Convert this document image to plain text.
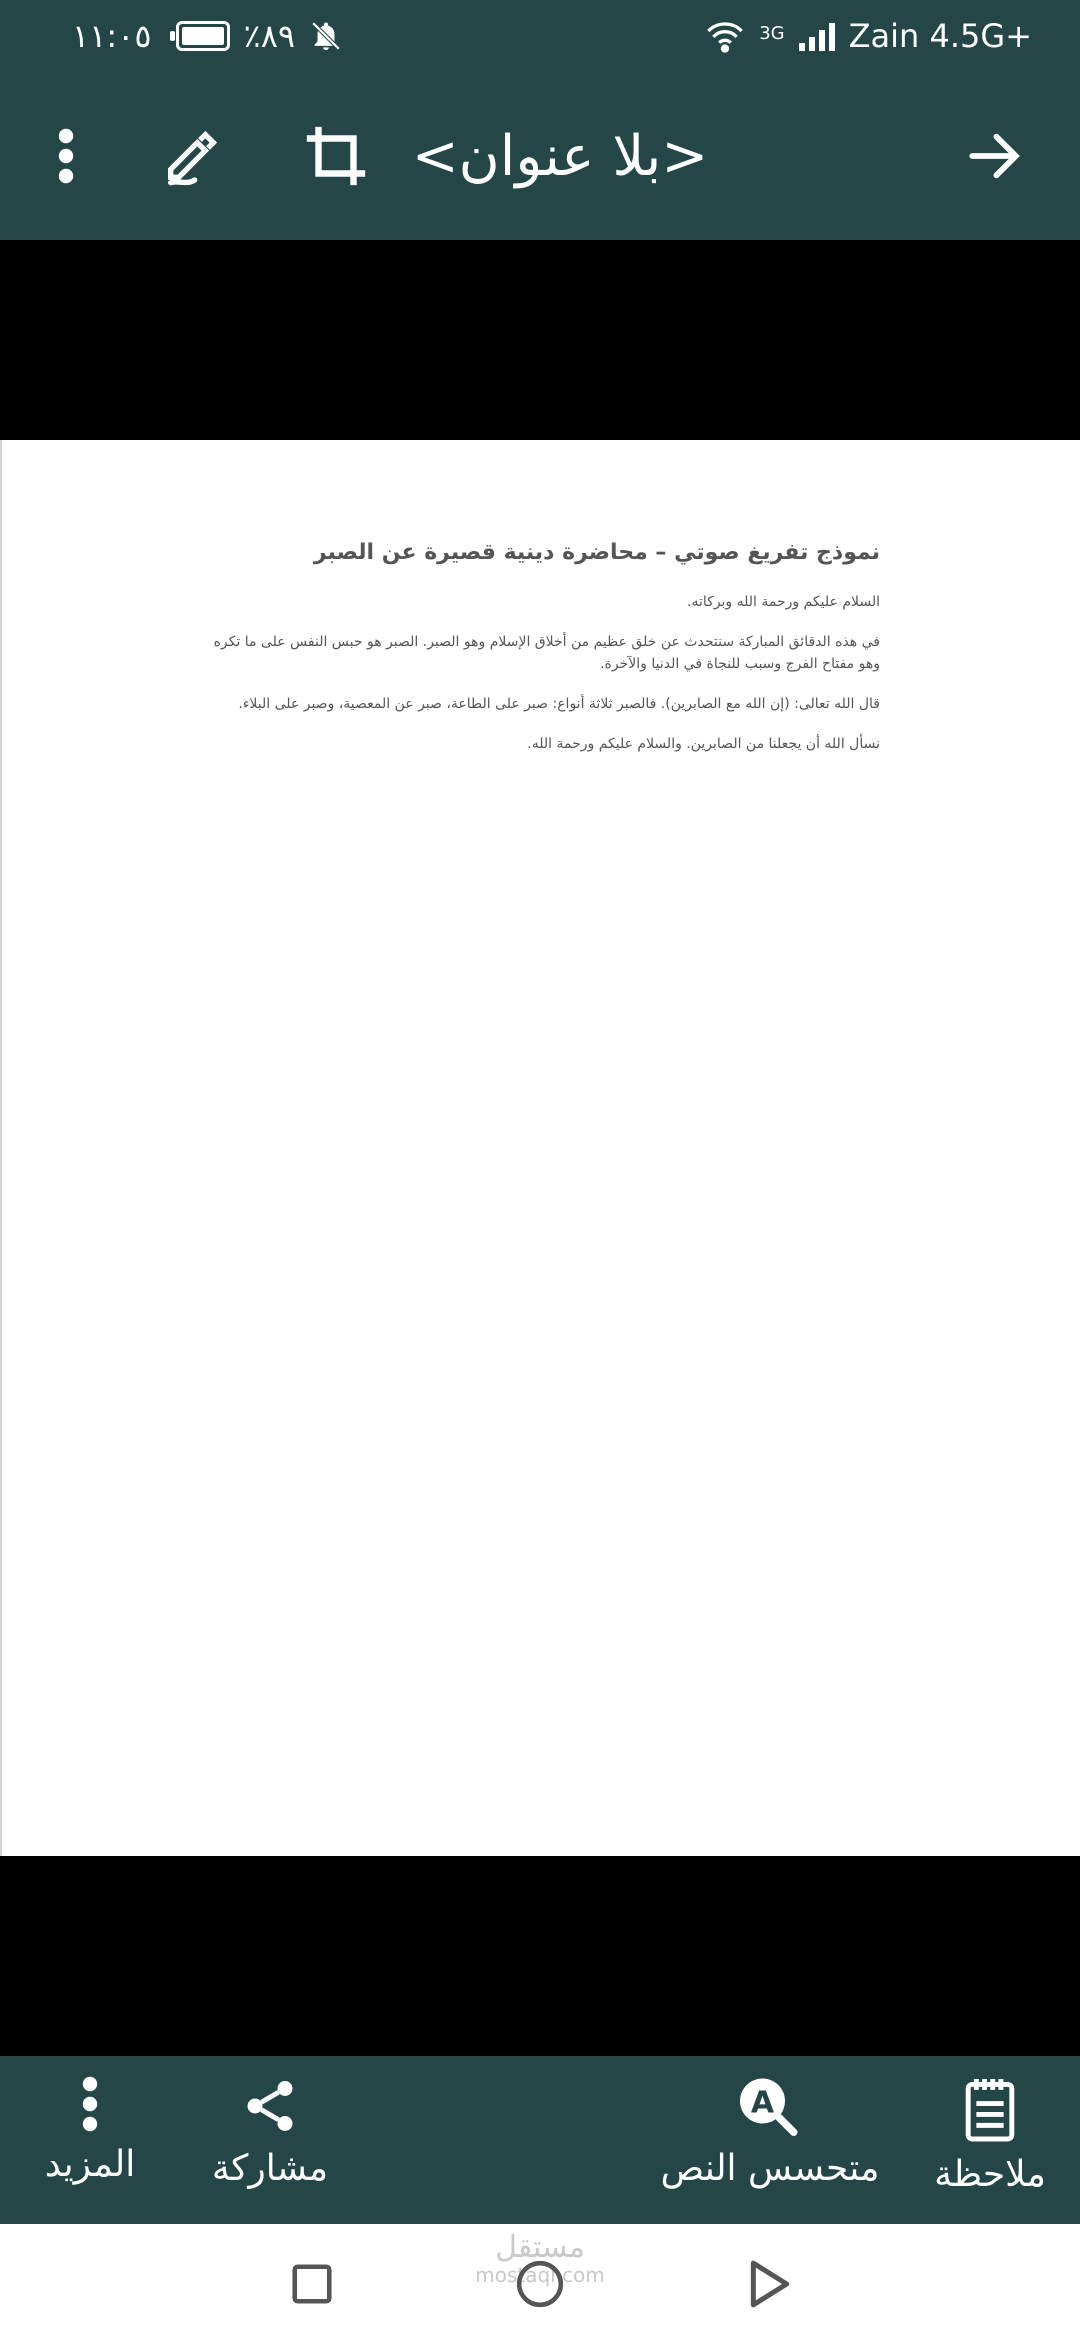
١١:٠٥	٪٨٩	3G Zain 4.5G+
<بلا عنوان>
نموذج تفريغ صوتي – محاضرة دينية قصيرة عن الصبر
السلام عليكم ورحمة الله وبركاته.
في هذه الدقائق المباركة سنتحدث عن خلق عظيم من أخلاق الإسلام وهو الصبر. الصبر هو حبس النفس على ما تكره وهو مفتاح الفرج وسبب للنجاة في الدنيا والآخرة.
قال الله تعالى: (إن الله مع الصابرين). فالصبر ثلاثة أنواع: صبر على الطاعة، صبر عن المعصية، وصبر على البلاء.
نسأل الله أن يجعلنا من الصابرين. والسلام عليكم ورحمة الله.
المزيد مشاركة
A
متحسس النص ملاحظة
مستقل
mostaql.com
